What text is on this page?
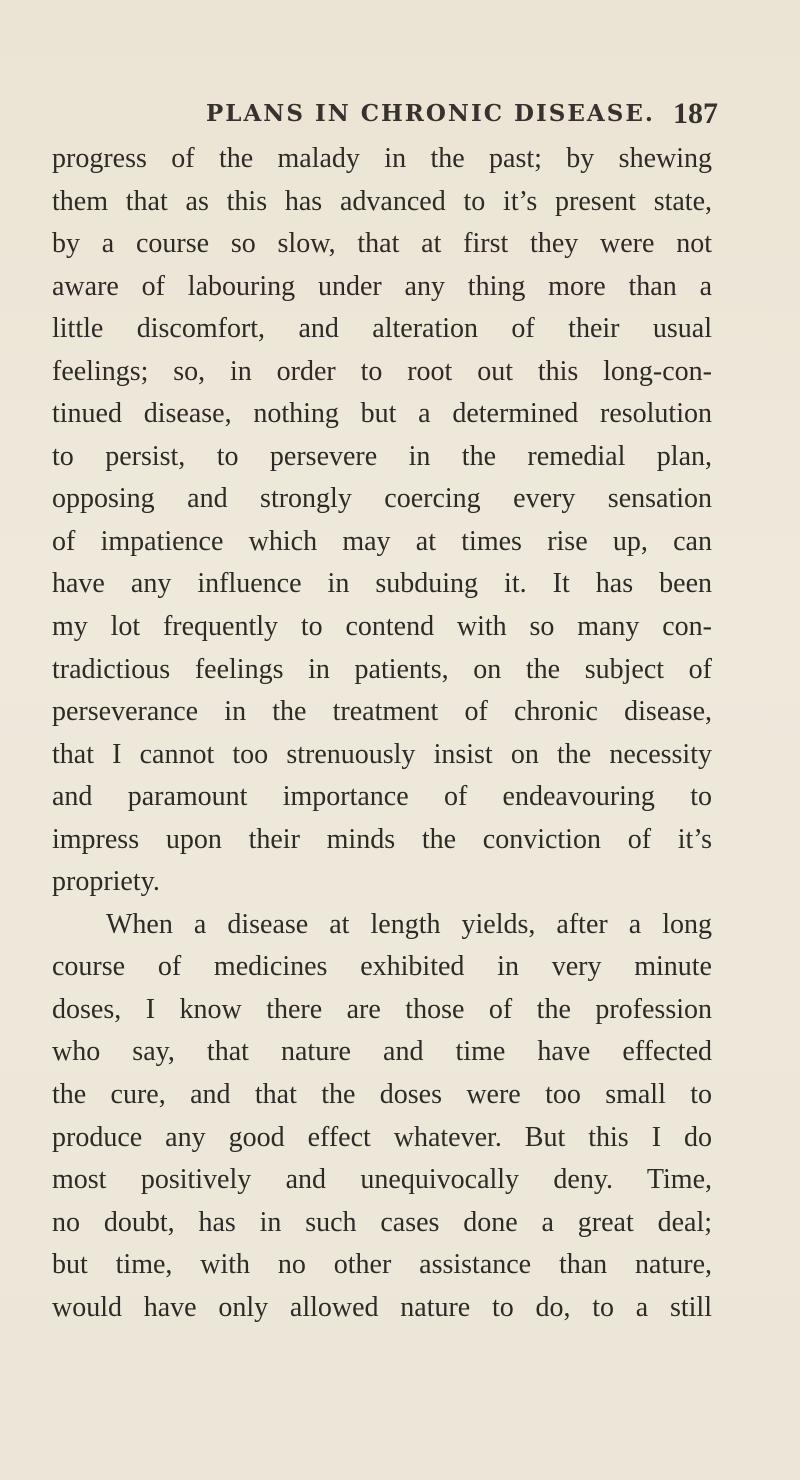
PLANS IN CHRONIC DISEASE. 187
progress of the malady in the past; by shewing
them that as this has advanced to it’s present state,
by a course so slow, that at first they were not
aware of labouring under any thing more than a
little discomfort, and alteration of their usual
feelings; so, in order to root out this long-con-
tinued disease, nothing but a determined resolution
to persist, to persevere in the remedial plan,
opposing and strongly coercing every sensation
of impatience which may at times rise up, can
have any influence in subduing it. It has been
my lot frequently to contend with so many con-
tradictious feelings in patients, on the subject of
perseverance in the treatment of chronic disease,
that I cannot too strenuously insist on the necessity
and paramount importance of endeavouring to
impress upon their minds the conviction of it’s
propriety.
When a disease at length yields, after a long
course of medicines exhibited in very minute
doses, I know there are those of the profession
who say, that nature and time have effected
the cure, and that the doses were too small to
produce any good effect whatever. But this I do
most positively and unequivocally deny. Time,
no doubt, has in such cases done a great deal;
but time, with no other assistance than nature,
would have only allowed nature to do, to a still
